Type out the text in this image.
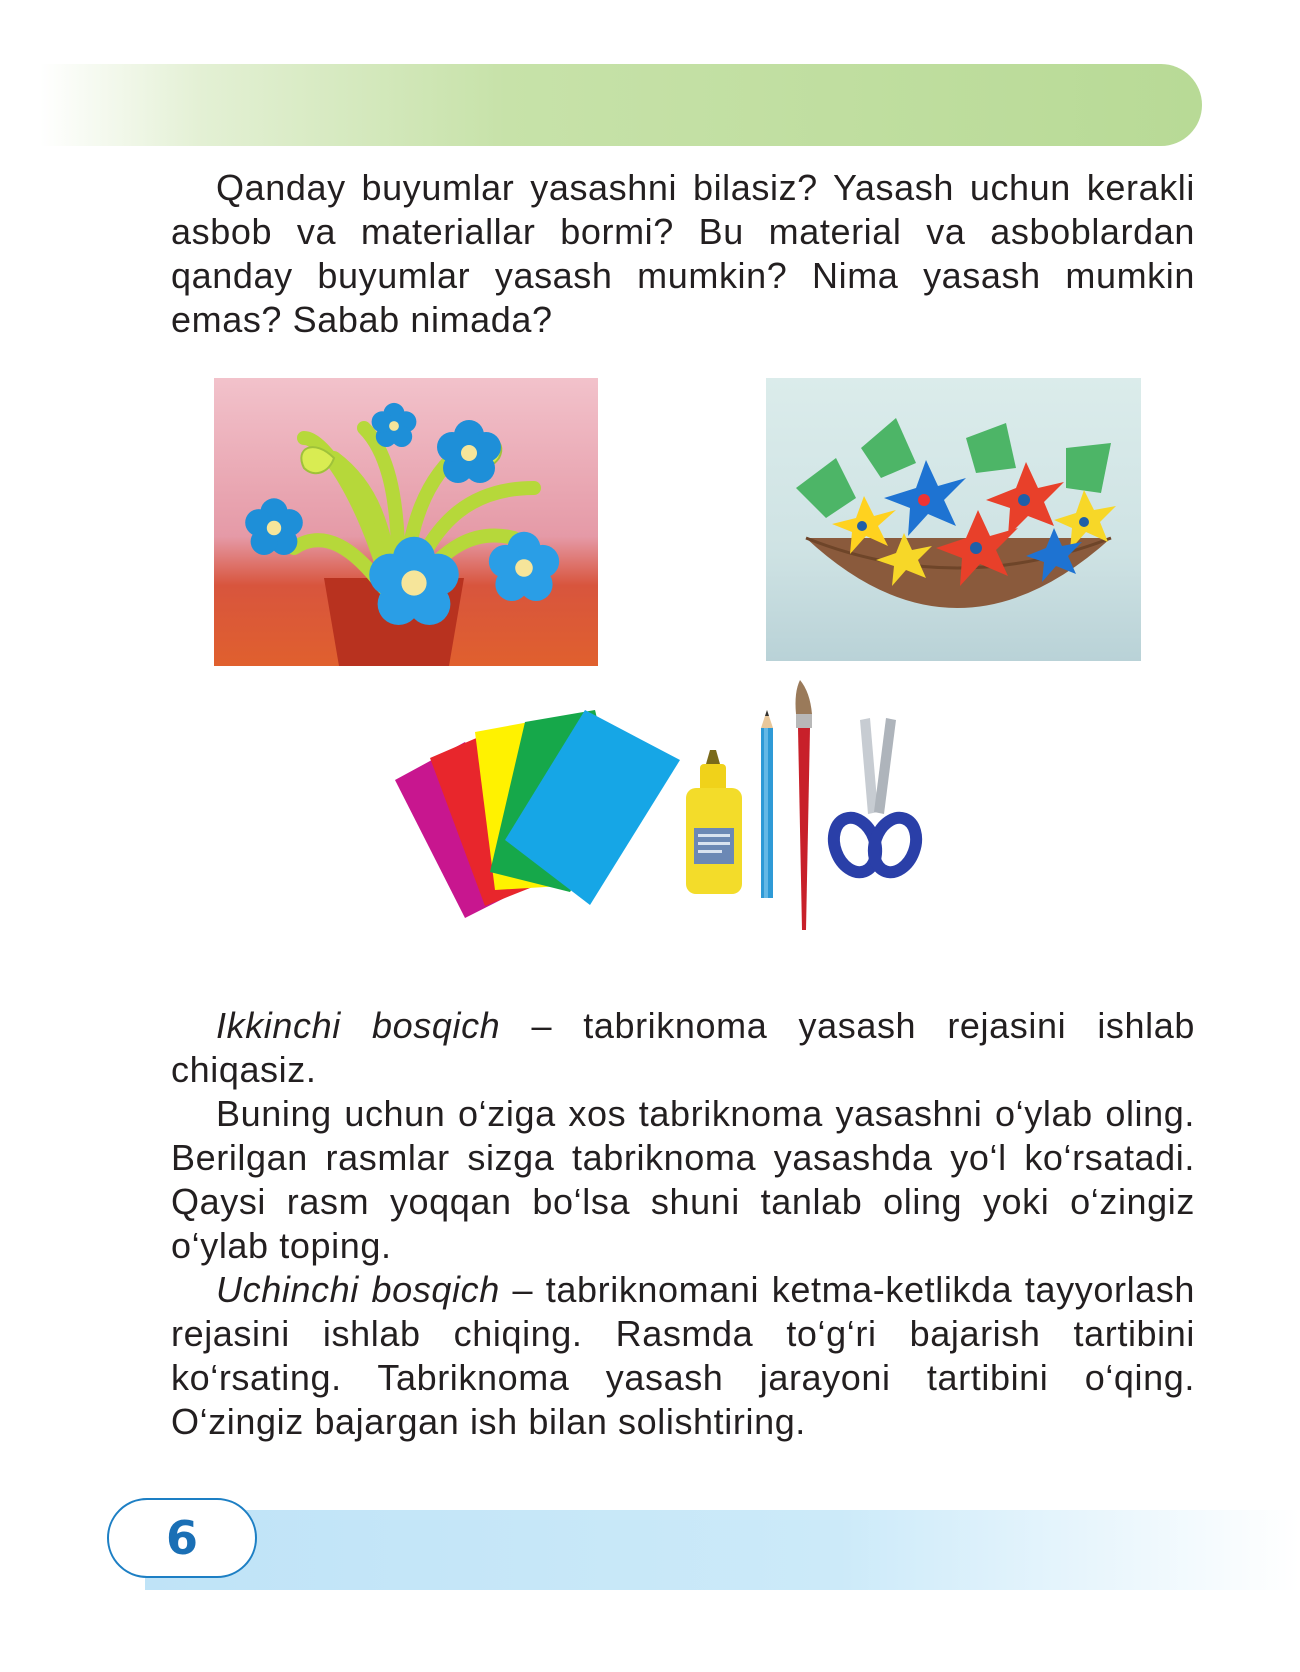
Qanday buyumlar yasashni bilasiz? Yasash uchun kerakli asbob va materiallar bormi? Bu material va asboblardan qanday buyumlar yasash mumkin? Nima yasash mumkin emas? Sabab nimada?

Ikkinchi bosqich – tabriknoma yasash rejasini ishlab chiqasiz.

Buning uchun o‘ziga xos tabriknoma yasashni o‘ylab oling. Berilgan rasmlar sizga tabriknoma yasashda yo‘l ko‘rsatadi. Qaysi rasm yoqqan bo‘lsa shuni tanlab oling yoki o‘zingiz o‘ylab toping.

Uchinchi bosqich – tabriknomani ketma-ketlikda tayyorlash rejasini ishlab chiqing. Rasmda to‘g‘ri bajarish tartibini ko‘rsating. Tabriknoma yasash jarayoni tartibini o‘qing. O‘zingiz bajargan ish bilan solishtiring.

6
